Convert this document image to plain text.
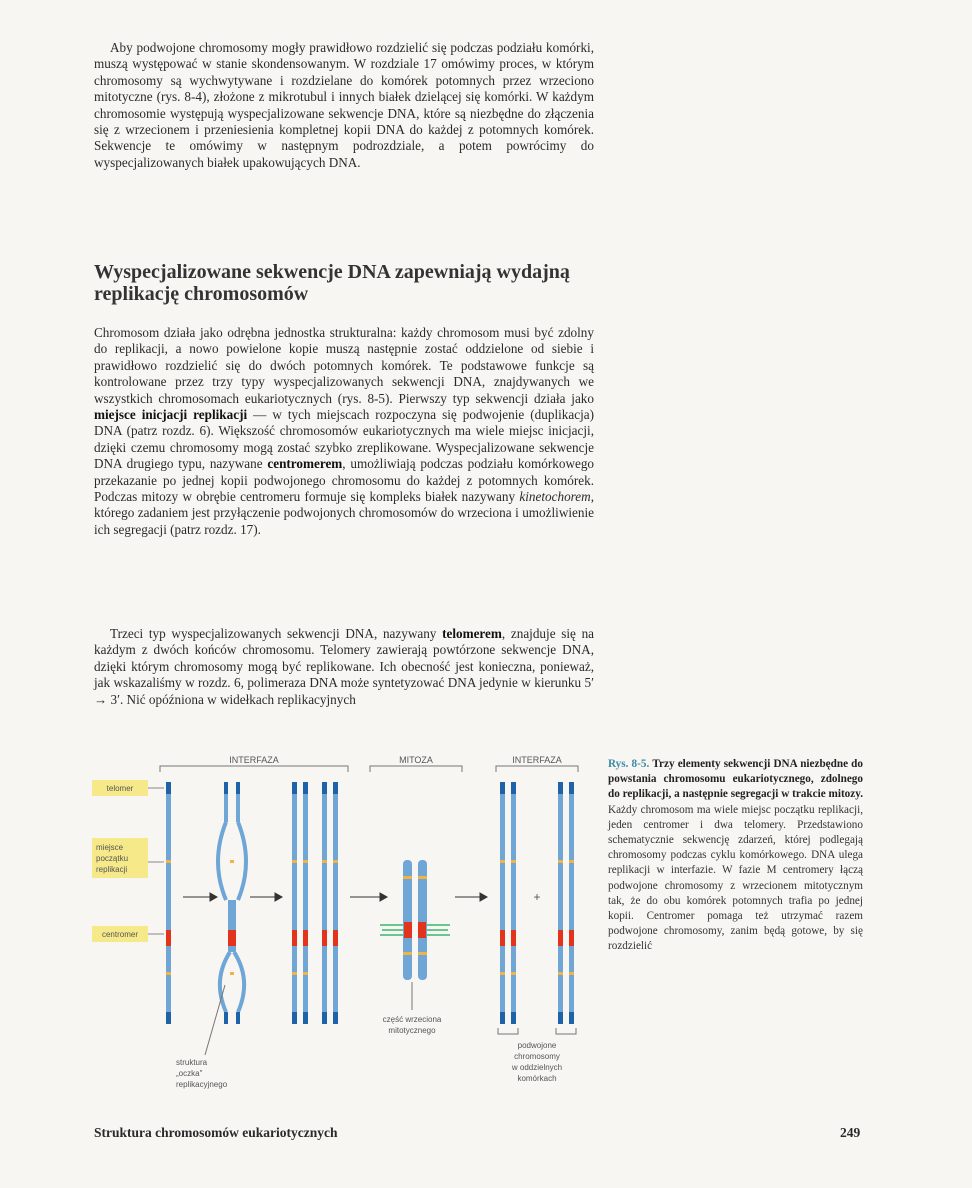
Aby podwojone chromosomy mogły prawidłowo rozdzielić się podczas podziału komórki, muszą występować w stanie skondensowanym. W rozdziale 17 omówimy proces, w którym chromosomy są wychwytywane i rozdzielane do komórek potomnych przez wrzeciono mitotyczne (rys. 8-4), złożone z mikrotubul i innych białek dzielącej się komórki. W każdym chromosomie występują wyspecjalizowane sekwencje DNA, które są niezbędne do złączenia się z wrzecionem i przeniesienia kompletnej kopii DNA do każdej z potomnych komórek. Sekwencje te omówimy w następnym podrozdziale, a potem powrócimy do wyspecjalizowanych białek upakowujących DNA.

Wyspecjalizowane sekwencje DNA zapewniają wydajną replikację chromosomów

Chromosom działa jako odrębna jednostka strukturalna: każdy chromosom musi być zdolny do replikacji, a nowo powielone kopie muszą następnie zostać oddzielone od siebie i prawidłowo rozdzielić się do dwóch potomnych komórek. Te podstawowe funkcje są kontrolowane przez trzy typy wyspecjalizowanych sekwencji DNA, znajdywanych we wszystkich chromosomach eukariotycznych (rys. 8-5). Pierwszy typ sekwencji działa jako miejsce inicjacji replikacji — w tych miejscach rozpoczyna się podwojenie (duplikacja) DNA (patrz rozdz. 6). Większość chromosomów eukariotycznych ma wiele miejsc inicjacji, dzięki czemu chromosomy mogą zostać szybko zreplikowane. Wyspecjalizowane sekwencje DNA drugiego typu, nazywane centromerem, umożliwiają podczas podziału komórkowego przekazanie po jednej kopii podwojonego chromosomu do każdej z potomnych komórek. Podczas mitozy w obrębie centromeru formuje się kompleks białek nazywany kinetochorem, którego zadaniem jest przyłączenie podwojonych chromosomów do wrzeciona i umożliwienie ich segregacji (patrz rozdz. 17).

Trzeci typ wyspecjalizowanych sekwencji DNA, nazywany telomerem, znajduje się na każdym z dwóch końców chromosomu. Telomery zawierają powtórzone sekwencje DNA, dzięki którym chromosomy mogą być replikowane. Ich obecność jest konieczna, ponieważ, jak wskazaliśmy w rozdz. 6, polimeraza DNA może syntetyzować DNA jedynie w kierunku 5′ → 3′. Nić opóźniona w widełkach replikacyjnych

INTERFAZA	MITOZA	INTERFAZA
telomer
miejsce
początku
replikacji
centromer
+
struktura
„oczka"
replikacyjnego
część wrzeciona
mitotycznego
podwojone
chromosomy
w oddzielnych
komórkach
Rys. 8-5. Trzy elementy sekwencji DNA niezbędne do powstania chromosomu eukariotycznego, zdolnego do replikacji, a następnie segregacji w trakcie mitozy. Każdy chromosom ma wiele miejsc początku replikacji, jeden centromer i dwa telomery. Przedstawiono schematycznie sekwencję zdarzeń, której podlegają chromosomy podczas cyklu komórkowego. DNA ulega replikacji w interfazie. W fazie M centromery łączą podwojone chromosomy z wrzecionem mitotycznym tak, że do obu komórek potomnych trafia po jednej kopii. Centromer pomaga też utrzymać razem podwojone chromosomy, zanim będą gotowe, by się rozdzielić
Struktura chromosomów eukariotycznych	249
